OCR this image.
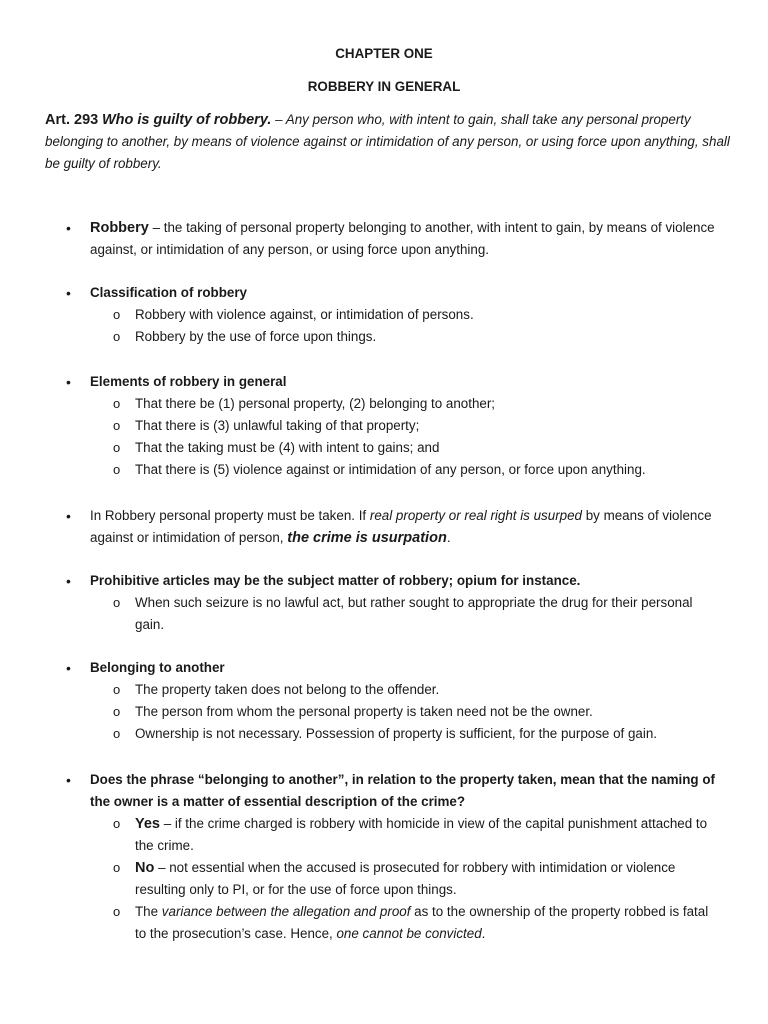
CHAPTER ONE
ROBBERY IN GENERAL
Art. 293 Who is guilty of robbery. – Any person who, with intent to gain, shall take any personal property belonging to another, by means of violence against or intimidation of any person, or using force upon anything, shall be guilty of robbery.
• Robbery – the taking of personal property belonging to another, with intent to gain, by means of violence against, or intimidation of any person, or using force upon anything.
• Classification of robbery
o Robbery with violence against, or intimidation of persons.
o Robbery by the use of force upon things.
• Elements of robbery in general
o That there be (1) personal property, (2) belonging to another;
o That there is (3) unlawful taking of that property;
o That the taking must be (4) with intent to gains; and
o That there is (5) violence against or intimidation of any person, or force upon anything.
• In Robbery personal property must be taken. If real property or real right is usurped by means of violence against or intimidation of person, the crime is usurpation.
• Prohibitive articles may be the subject matter of robbery; opium for instance.
o When such seizure is no lawful act, but rather sought to appropriate the drug for their personal gain.
• Belonging to another
o The property taken does not belong to the offender.
o The person from whom the personal property is taken need not be the owner.
o Ownership is not necessary. Possession of property is sufficient, for the purpose of gain.
• Does the phrase “belonging to another”, in relation to the property taken, mean that the naming of the owner is a matter of essential description of the crime?
o Yes – if the crime charged is robbery with homicide in view of the capital punishment attached to the crime.
o No – not essential when the accused is prosecuted for robbery with intimidation or violence resulting only to PI, or for the use of force upon things.
o The variance between the allegation and proof as to the ownership of the property robbed is fatal to the prosecution’s case. Hence, one cannot be convicted.
